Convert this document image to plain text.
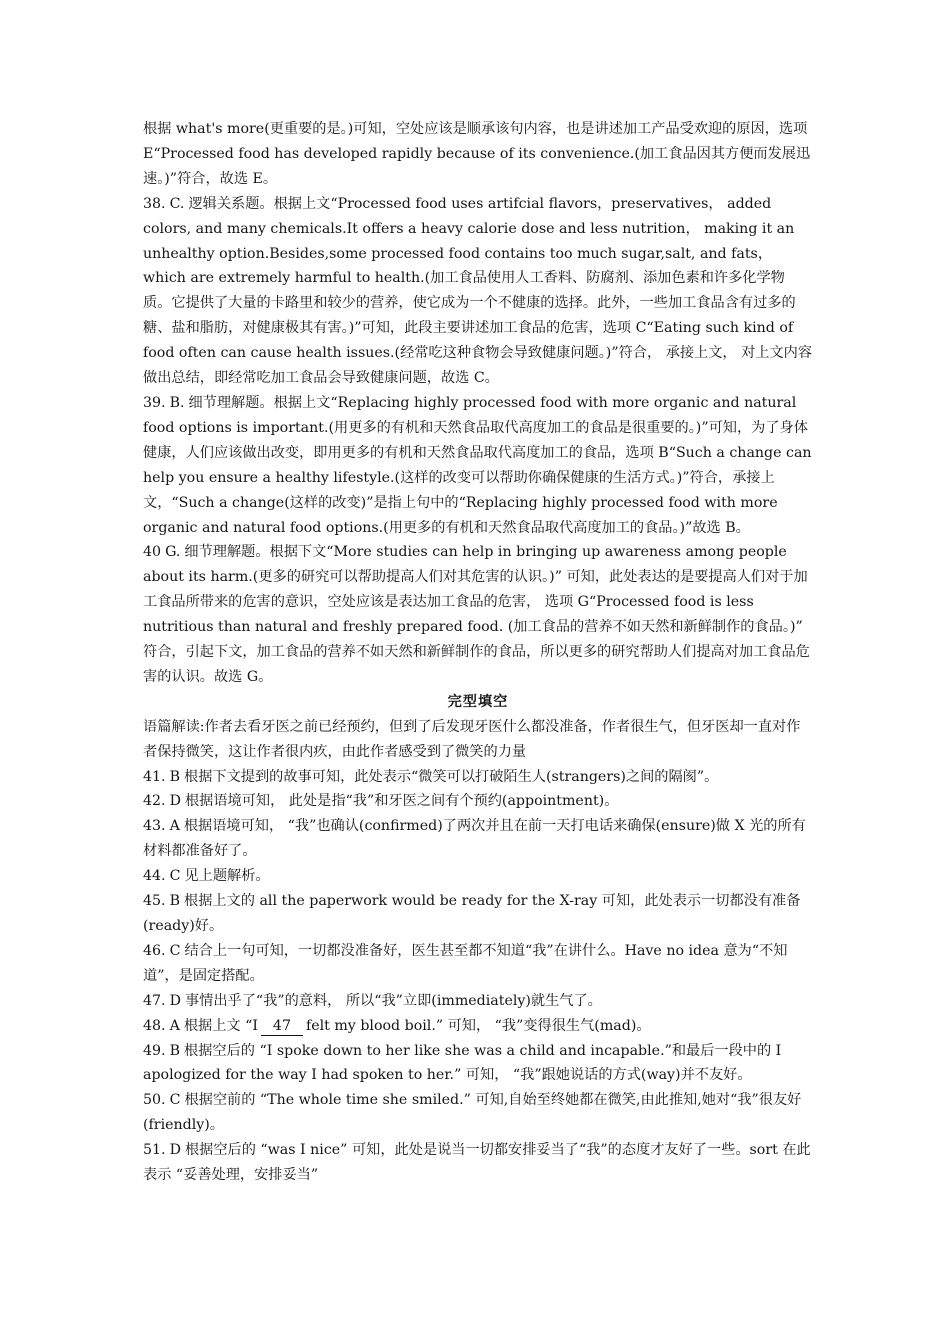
根据 what's more(更重要的是。)可知，空处应该是顺承该句内容，也是讲述加工产品受欢迎的原因，选项 E“Processed food has developed rapidly because of its convenience.(加工食品因其方便而发展迅速。)”符合，故选 E。

38. C. 逻辑关系题。根据上文“Processed food uses artifcial flavors，preservatives， added colors, and many chemicals.It offers a heavy calorie dose and less nutrition， making it an unhealthy option.Besides,some processed food contains too much sugar,salt, and fats， which are extremely harmful to health.(加工食品使用人工香料、防腐剂、添加色素和许多化学物质。它提供了大量的卡路里和较少的营养，使它成为一个不健康的选择。此外，一些加工食品含有过多的糖、盐和脂肪，对健康极其有害。)”可知，此段主要讲述加工食品的危害，选项 C“Eating such kind of food often can cause health issues.(经常吃这种食物会导致健康问题。)”符合， 承接上文， 对上文内容做出总结，即经常吃加工食品会导致健康问题，故选 C。

39. B. 细节理解题。根据上文“Replacing highly processed food with more organic and natural food options is important.(用更多的有机和天然食品取代高度加工的食品是很重要的。)”可知，为了身体健康，人们应该做出改变，即用更多的有机和天然食品取代高度加工的食品，选项 B“Such a change can help you ensure a healthy lifestyle.(这样的改变可以帮助你确保健康的生活方式。)”符合，承接上文，“Such a change(这样的改变)”是指上句中的“Replacing highly processed food with more organic and natural food options.(用更多的有机和天然食品取代高度加工的食品。)”故选 B。

40 G. 细节理解题。根据下文“More studies can help in bringing up awareness among people about its harm.(更多的研究可以帮助提高人们对其危害的认识。)” 可知，此处表达的是要提高人们对于加工食品所带来的危害的意识，空处应该是表达加工食品的危害， 选项 G“Processed food is less nutritious than natural and freshly prepared food. (加工食品的营养不如天然和新鲜制作的食品。)” 符合，引起下文，加工食品的营养不如天然和新鲜制作的食品，所以更多的研究帮助人们提高对加工食品危害的认识。故选 G。

完型填空

语篇解读:作者去看牙医之前已经预约，但到了后发现牙医什么都没准备，作者很生气，但牙医却一直对作者保持微笑，这让作者很内疚，由此作者感受到了微笑的力量

41. B 根据下文提到的故事可知，此处表示“微笑可以打破陌生人(strangers)之间的隔阂”。

42. D 根据语境可知， 此处是指“我”和牙医之间有个预约(appointment)。

43. A 根据语境可知， “我”也确认(confirmed)了两次并且在前一天打电话来确保(ensure)做 X 光的所有材料都准备好了。

44. C 见上题解析。

45. B 根据上文的 all the paperwork would be ready for the X-ray 可知，此处表示一切都没有准备(ready)好。

46. C 结合上一句可知，一切都没准备好，医生甚至都不知道“我”在讲什么。Have no idea 意为“不知道”，是固定搭配。

47. D 事情出乎了“我”的意料， 所以“我”立即(immediately)就生气了。

48. A 根据上文 “I 47 felt my blood boil.” 可知， “我”变得很生气(mad)。

49. B 根据空后的 “I spoke down to her like she was a child and incapable.”和最后一段中的 I apologized for the way I had spoken to her.” 可知， “我”跟她说话的方式(way)并不友好。

50. C 根据空前的 “The whole time she smiled.” 可知,自始至终她都在微笑,由此推知,她对“我”很友好(friendly)。

51. D 根据空后的 “was I nice” 可知，此处是说当一切都安排妥当了“我”的态度才友好了一些。sort 在此表示 “妥善处理，安排妥当”
